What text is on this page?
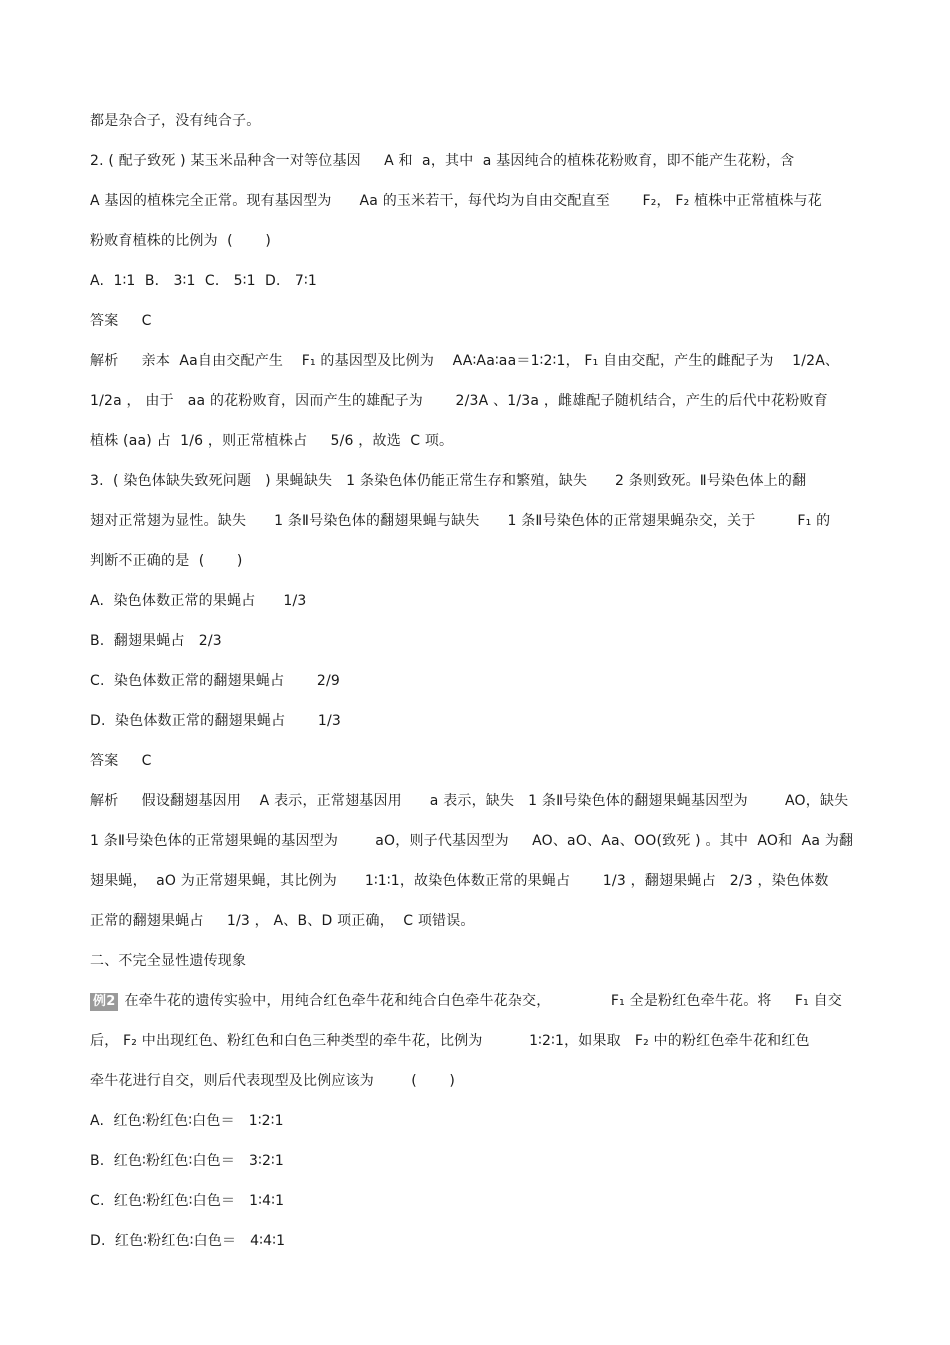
都是杂合子，没有纯合子。
2. ( 配子致死 ) 某玉米品种含一对等位基因     A 和  a，其中  a 基因纯合的植株花粉败育，即不能产生花粉，含
A 基因的植株完全正常。现有基因型为      Aa 的玉米若干，每代均为自由交配直至       F₂， F₂ 植株中正常植株与花
粉败育植株的比例为  (       )
A.  1∶1  B． 3∶1  C． 5∶1  D． 7∶1
答案     C
解析     亲本  Aa自由交配产生    F₁ 的基因型及比例为    AA∶Aa∶aa＝1∶2∶1， F₁ 自由交配，产生的雌配子为    1/2A、
1/2a ， 由于   aa 的花粉败育，因而产生的雄配子为       2/3A 、1/3a ，雌雄配子随机结合，产生的后代中花粉败育
植株 (aa) 占  1/6 ，则正常植株占     5/6 ，故选  C 项。
3.  ( 染色体缺失致死问题   ) 果蝇缺失   1 条染色体仍能正常生存和繁殖，缺失      2 条则致死。Ⅱ号染色体上的翻
翅对正常翅为显性。缺失      1 条Ⅱ号染色体的翻翅果蝇与缺失      1 条Ⅱ号染色体的正常翅果蝇杂交，关于         F₁ 的
判断不正确的是  (       )
A.  染色体数正常的果蝇占      1/3
B.  翻翅果蝇占   2/3
C.  染色体数正常的翻翅果蝇占       2/9
D.  染色体数正常的翻翅果蝇占       1/3
答案     C
解析     假设翻翅基因用    A 表示，正常翅基因用      a 表示，缺失   1 条Ⅱ号染色体的翻翅果蝇基因型为        AO，缺失
1 条Ⅱ号染色体的正常翅果蝇的基因型为        aO，则子代基因型为     AO、aO、Aa、OO(致死 ) 。其中  AO和  Aa 为翻
翅果蝇，  aO 为正常翅果蝇，其比例为      1∶1∶1，故染色体数正常的果蝇占       1/3 ，翻翅果蝇占   2/3 ，染色体数
正常的翻翅果蝇占     1/3 ， A、B、D 项正确，  C 项错误。
二、不完全显性遗传现象
例2 在牵牛花的遗传实验中，用纯合红色牵牛花和纯合白色牵牛花杂交，             F₁ 全是粉红色牵牛花。将     F₁ 自交
后， F₂ 中出现红色、粉红色和白色三种类型的牵牛花，比例为          1∶2∶1，如果取   F₂ 中的粉红色牵牛花和红色
牵牛花进行自交，则后代表现型及比例应该为        (       )
A.  红色∶粉红色∶白色＝   1∶2∶1
B.  红色∶粉红色∶白色＝   3∶2∶1
C.  红色∶粉红色∶白色＝   1∶4∶1
D.  红色∶粉红色∶白色＝   4∶4∶1
